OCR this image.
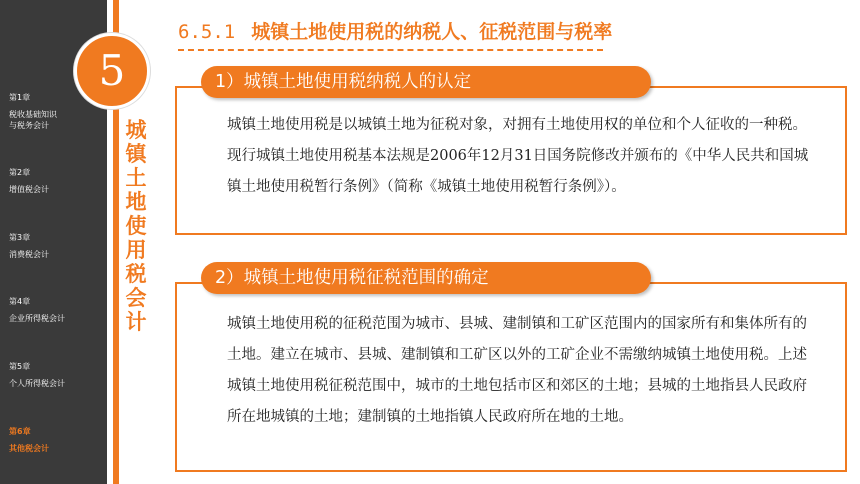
第1章
税收基础知识
与税务会计
第2章
增值税会计
第3章
消费税会计
第4章
企业所得税会计
第5章
个人所得税会计
第6章
其他税会计
5
城
镇
土
地
使
用
税
会
计
6.5.1 城镇土地使用税的纳税人、征税范围与税率
城镇土地使用税是以城镇土地为征税对象，对拥有土地使用权的单位和个人征收的一种税。现行城镇土地使用税基本法规是2006年12月31日国务院修改并颁布的《中华人民共和国城镇土地使用税暂行条例》（简称《城镇土地使用税暂行条例》）。
1）城镇土地使用税纳税人的认定
城镇土地使用税的征税范围为城市、县城、建制镇和工矿区范围内的国家所有和集体所有的土地。建立在城市、县城、建制镇和工矿区以外的工矿企业不需缴纳城镇土地使用税。上述城镇土地使用税征税范围中，城市的土地包括市区和郊区的土地；县城的土地指县人民政府所在地城镇的土地；建制镇的土地指镇人民政府所在地的土地。
2）城镇土地使用税征税范围的确定
